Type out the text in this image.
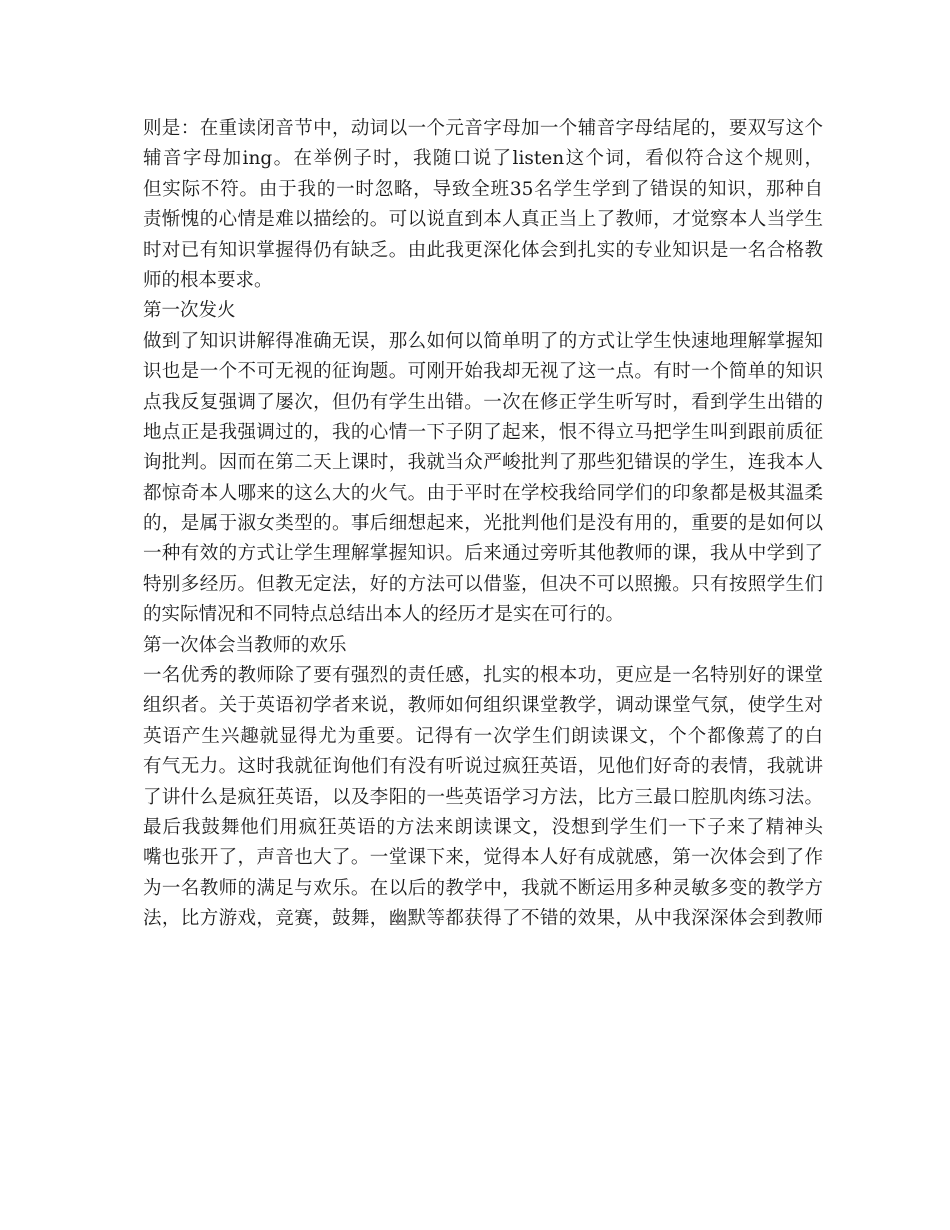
则是：在重读闭音节中，动词以一个元音字母加一个辅音字母结尾的，要双写这个
辅音字母加ing。在举例子时，我随口说了listen这个词，看似符合这个规则，
但实际不符。由于我的一时忽略，导致全班35名学生学到了错误的知识，那种自
责惭愧的心情是难以描绘的。可以说直到本人真正当上了教师，才觉察本人当学生
时对已有知识掌握得仍有缺乏。由此我更深化体会到扎实的专业知识是一名合格教
师的根本要求。
第一次发火
做到了知识讲解得准确无误，那么如何以简单明了的方式让学生快速地理解掌握知
识也是一个不可无视的征询题。可刚开始我却无视了这一点。有时一个简单的知识
点我反复强调了屡次，但仍有学生出错。一次在修正学生听写时，看到学生出错的
地点正是我强调过的，我的心情一下子阴了起来，恨不得立马把学生叫到跟前质征
询批判。因而在第二天上课时，我就当众严峻批判了那些犯错误的学生，连我本人
都惊奇本人哪来的这么大的火气。由于平时在学校我给同学们的印象都是极其温柔
的，是属于淑女类型的。事后细想起来，光批判他们是没有用的，重要的是如何以
一种有效的方式让学生理解掌握知识。后来通过旁听其他教师的课，我从中学到了
特别多经历。但教无定法，好的方法可以借鉴，但决不可以照搬。只有按照学生们
的实际情况和不同特点总结出本人的经历才是实在可行的。
第一次体会当教师的欢乐
一名优秀的教师除了要有强烈的责任感，扎实的根本功，更应是一名特别好的课堂
组织者。关于英语初学者来说，教师如何组织课堂教学，调动课堂气氛，使学生对
英语产生兴趣就显得尤为重要。记得有一次学生们朗读课文，个个都像蔫了的白
有气无力。这时我就征询他们有没有听说过疯狂英语，见他们好奇的表情，我就讲
了讲什么是疯狂英语，以及李阳的一些英语学习方法，比方三最口腔肌肉练习法。
最后我鼓舞他们用疯狂英语的方法来朗读课文，没想到学生们一下子来了精神头
嘴也张开了，声音也大了。一堂课下来，觉得本人好有成就感，第一次体会到了作
为一名教师的满足与欢乐。在以后的教学中，我就不断运用多种灵敏多变的教学方
法，比方游戏，竞赛，鼓舞，幽默等都获得了不错的效果，从中我深深体会到教师
